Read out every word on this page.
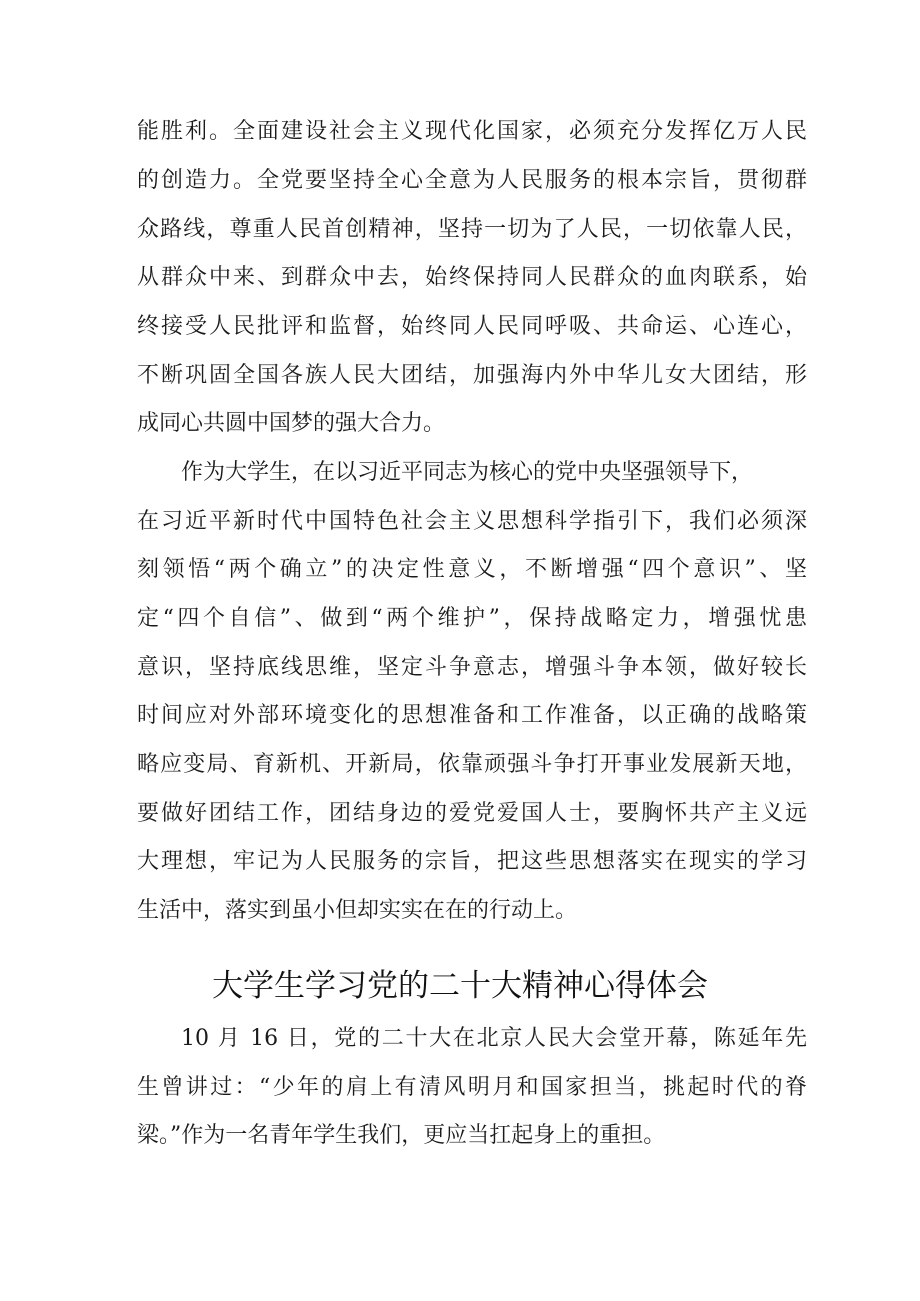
能胜利。全面建设社会主义现代化国家，必须充分发挥亿万人民
的创造力。全党要坚持全心全意为人民服务的根本宗旨，贯彻群
众路线，尊重人民首创精神，坚持一切为了人民，一切依靠人民，
从群众中来、到群众中去，始终保持同人民群众的血肉联系，始
终接受人民批评和监督，始终同人民同呼吸、共命运、心连心，
不断巩固全国各族人民大团结，加强海内外中华儿女大团结，形
成同心共圆中国梦的强大合力。
作为大学生，在以习近平同志为核心的党中央坚强领导下，
在习近平新时代中国特色社会主义思想科学指引下，我们必须深
刻领悟“两个确立”的决定性意义，不断增强“四个意识”、坚
定“四个自信”、做到“两个维护”，保持战略定力，增强忧患
意识，坚持底线思维，坚定斗争意志，增强斗争本领，做好较长
时间应对外部环境变化的思想准备和工作准备，以正确的战略策
略应变局、育新机、开新局，依靠顽强斗争打开事业发展新天地，
要做好团结工作，团结身边的爱党爱国人士，要胸怀共产主义远
大理想，牢记为人民服务的宗旨，把这些思想落实在现实的学习
生活中，落实到虽小但却实实在在的行动上。
大学生学习党的二十大精神心得体会
10 月 16 日，党的二十大在北京人民大会堂开幕，陈延年先
生曾讲过：“少年的肩上有清风明月和国家担当，挑起时代的脊
梁。”作为一名青年学生我们，更应当扛起身上的重担。
